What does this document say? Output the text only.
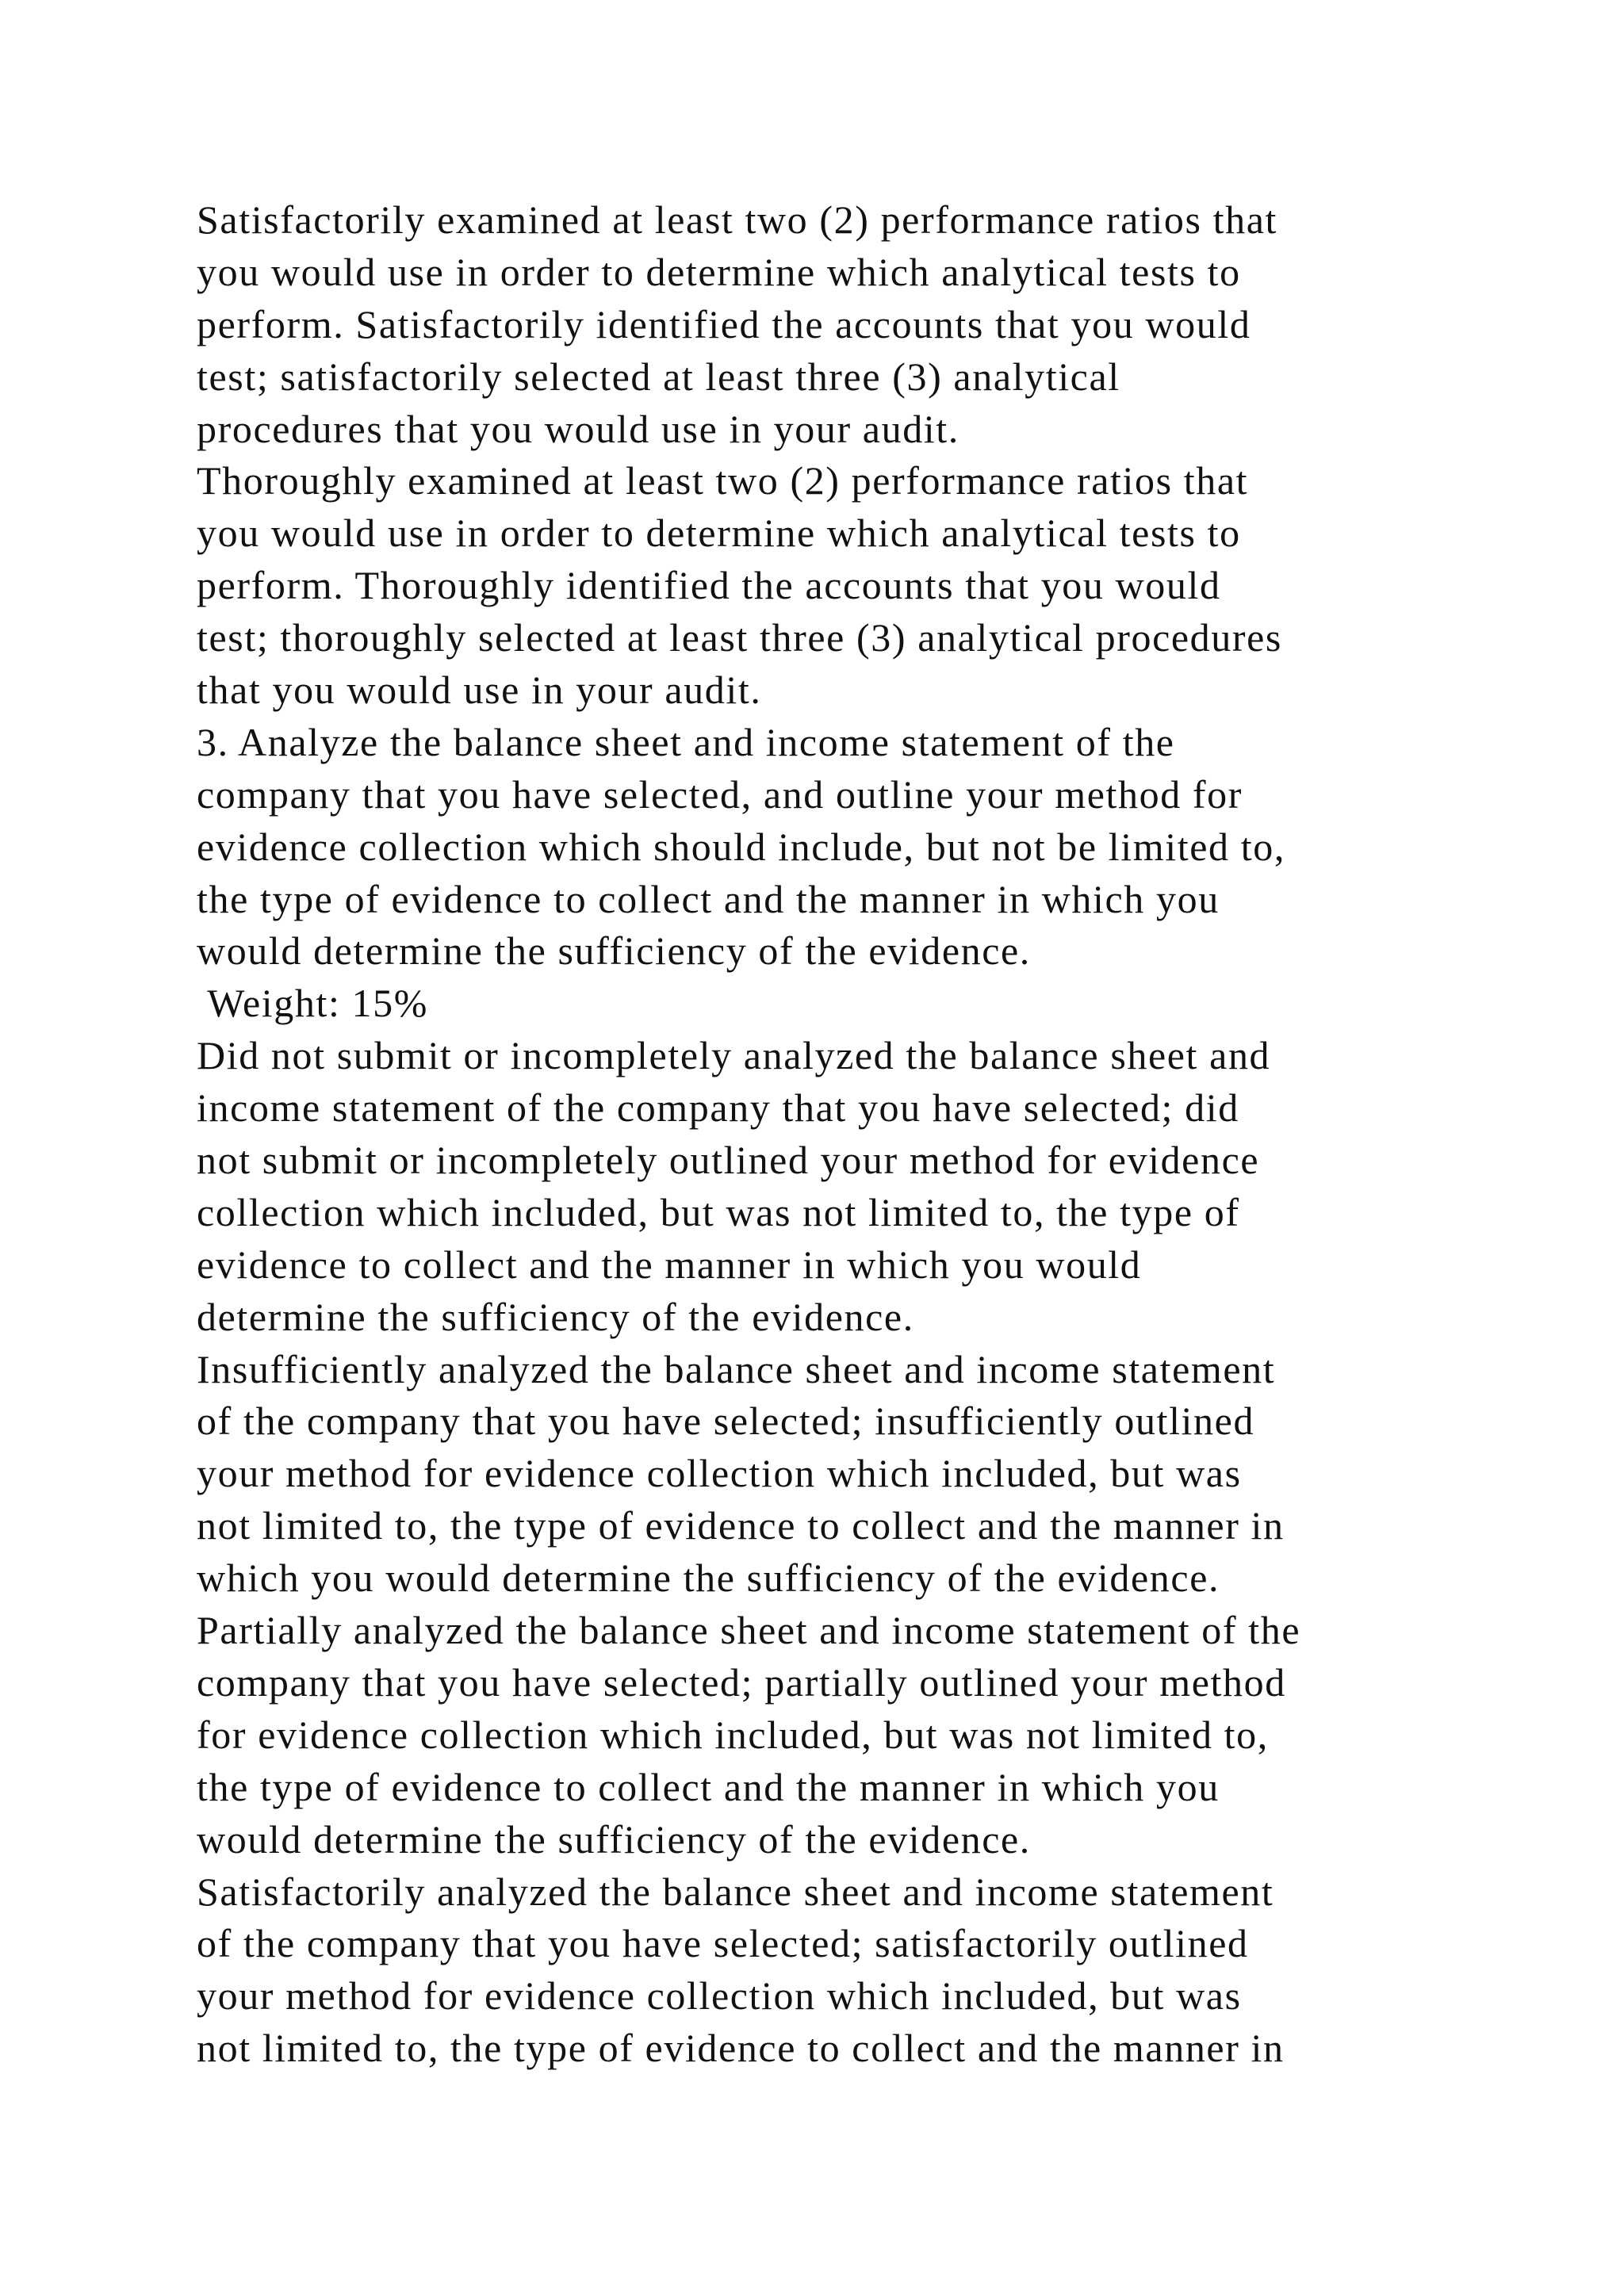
Satisfactorily examined at least two (2) performance ratios that
you would use in order to determine which analytical tests to
perform. Satisfactorily identified the accounts that you would
test; satisfactorily selected at least three (3) analytical
procedures that you would use in your audit.
Thoroughly examined at least two (2) performance ratios that
you would use in order to determine which analytical tests to
perform. Thoroughly identified the accounts that you would
test; thoroughly selected at least three (3) analytical procedures
that you would use in your audit.
3. Analyze the balance sheet and income statement of the
company that you have selected, and outline your method for
evidence collection which should include, but not be limited to,
the type of evidence to collect and the manner in which you
would determine the sufficiency of the evidence.
Weight: 15%
Did not submit or incompletely analyzed the balance sheet and
income statement of the company that you have selected; did
not submit or incompletely outlined your method for evidence
collection which included, but was not limited to, the type of
evidence to collect and the manner in which you would
determine the sufficiency of the evidence.
Insufficiently analyzed the balance sheet and income statement
of the company that you have selected; insufficiently outlined
your method for evidence collection which included, but was
not limited to, the type of evidence to collect and the manner in
which you would determine the sufficiency of the evidence.
Partially analyzed the balance sheet and income statement of the
company that you have selected; partially outlined your method
for evidence collection which included, but was not limited to,
the type of evidence to collect and the manner in which you
would determine the sufficiency of the evidence.
Satisfactorily analyzed the balance sheet and income statement
of the company that you have selected; satisfactorily outlined
your method for evidence collection which included, but was
not limited to, the type of evidence to collect and the manner in
